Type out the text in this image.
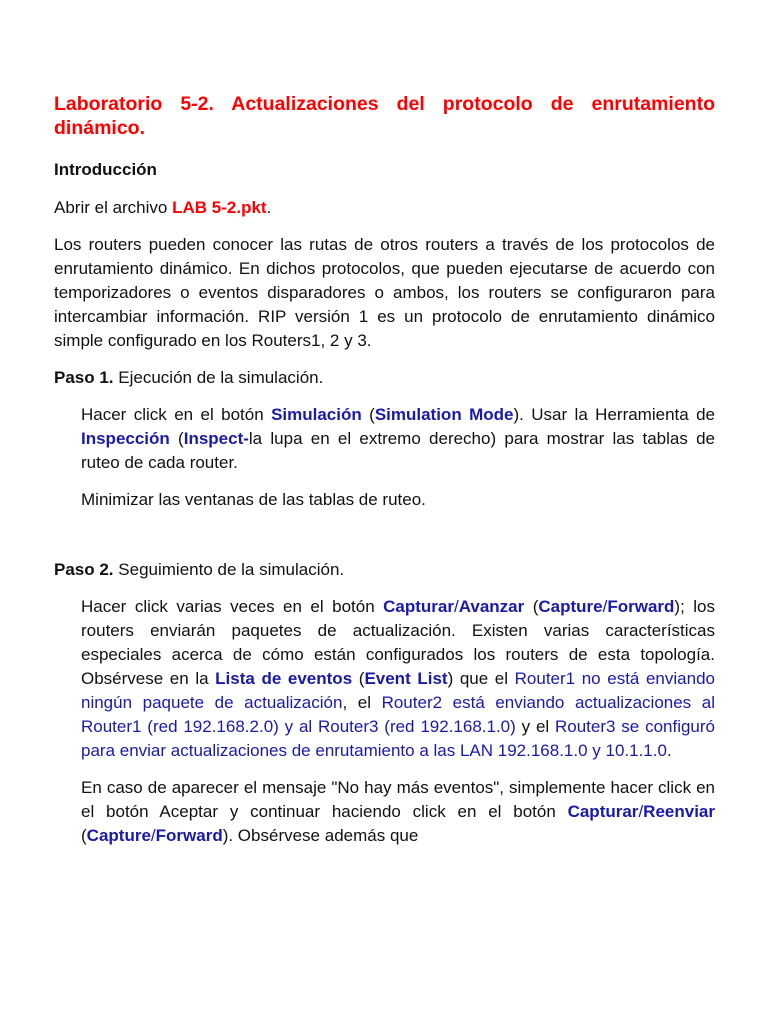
Laboratorio 5-2. Actualizaciones del protocolo de enrutamiento dinámico.
Introducción

Abrir el archivo LAB 5-2.pkt.

Los routers pueden conocer las rutas de otros routers a través de los protocolos de enrutamiento dinámico. En dichos protocolos, que pueden ejecutarse de acuerdo con temporizadores o eventos disparadores o ambos, los routers se configuraron para intercambiar información. RIP versión 1 es un protocolo de enrutamiento dinámico simple configurado en los Routers1, 2 y 3.

Paso 1. Ejecución de la simulación.

Hacer click en el botón Simulación (Simulation Mode). Usar la Herramienta de Inspección (Inspect-la lupa en el extremo derecho) para mostrar las tablas de ruteo de cada router.

Minimizar las ventanas de las tablas de ruteo.

Paso 2. Seguimiento de la simulación.

Hacer click varias veces en el botón Capturar/Avanzar (Capture/Forward); los routers enviarán paquetes de actualización. Existen varias características especiales acerca de cómo están configurados los routers de esta topología. Obsérvese en la Lista de eventos (Event List) que el Router1 no está enviando ningún paquete de actualización, el Router2 está enviando actualizaciones al Router1 (red 192.168.2.0) y al Router3 (red 192.168.1.0) y el Router3 se configuró para enviar actualizaciones de enrutamiento a las LAN 192.168.1.0 y 10.1.1.0.

En caso de aparecer el mensaje "No hay más eventos", simplemente hacer click en el botón Aceptar y continuar haciendo click en el botón Capturar/Reenviar (Capture/Forward). Obsérvese además que
